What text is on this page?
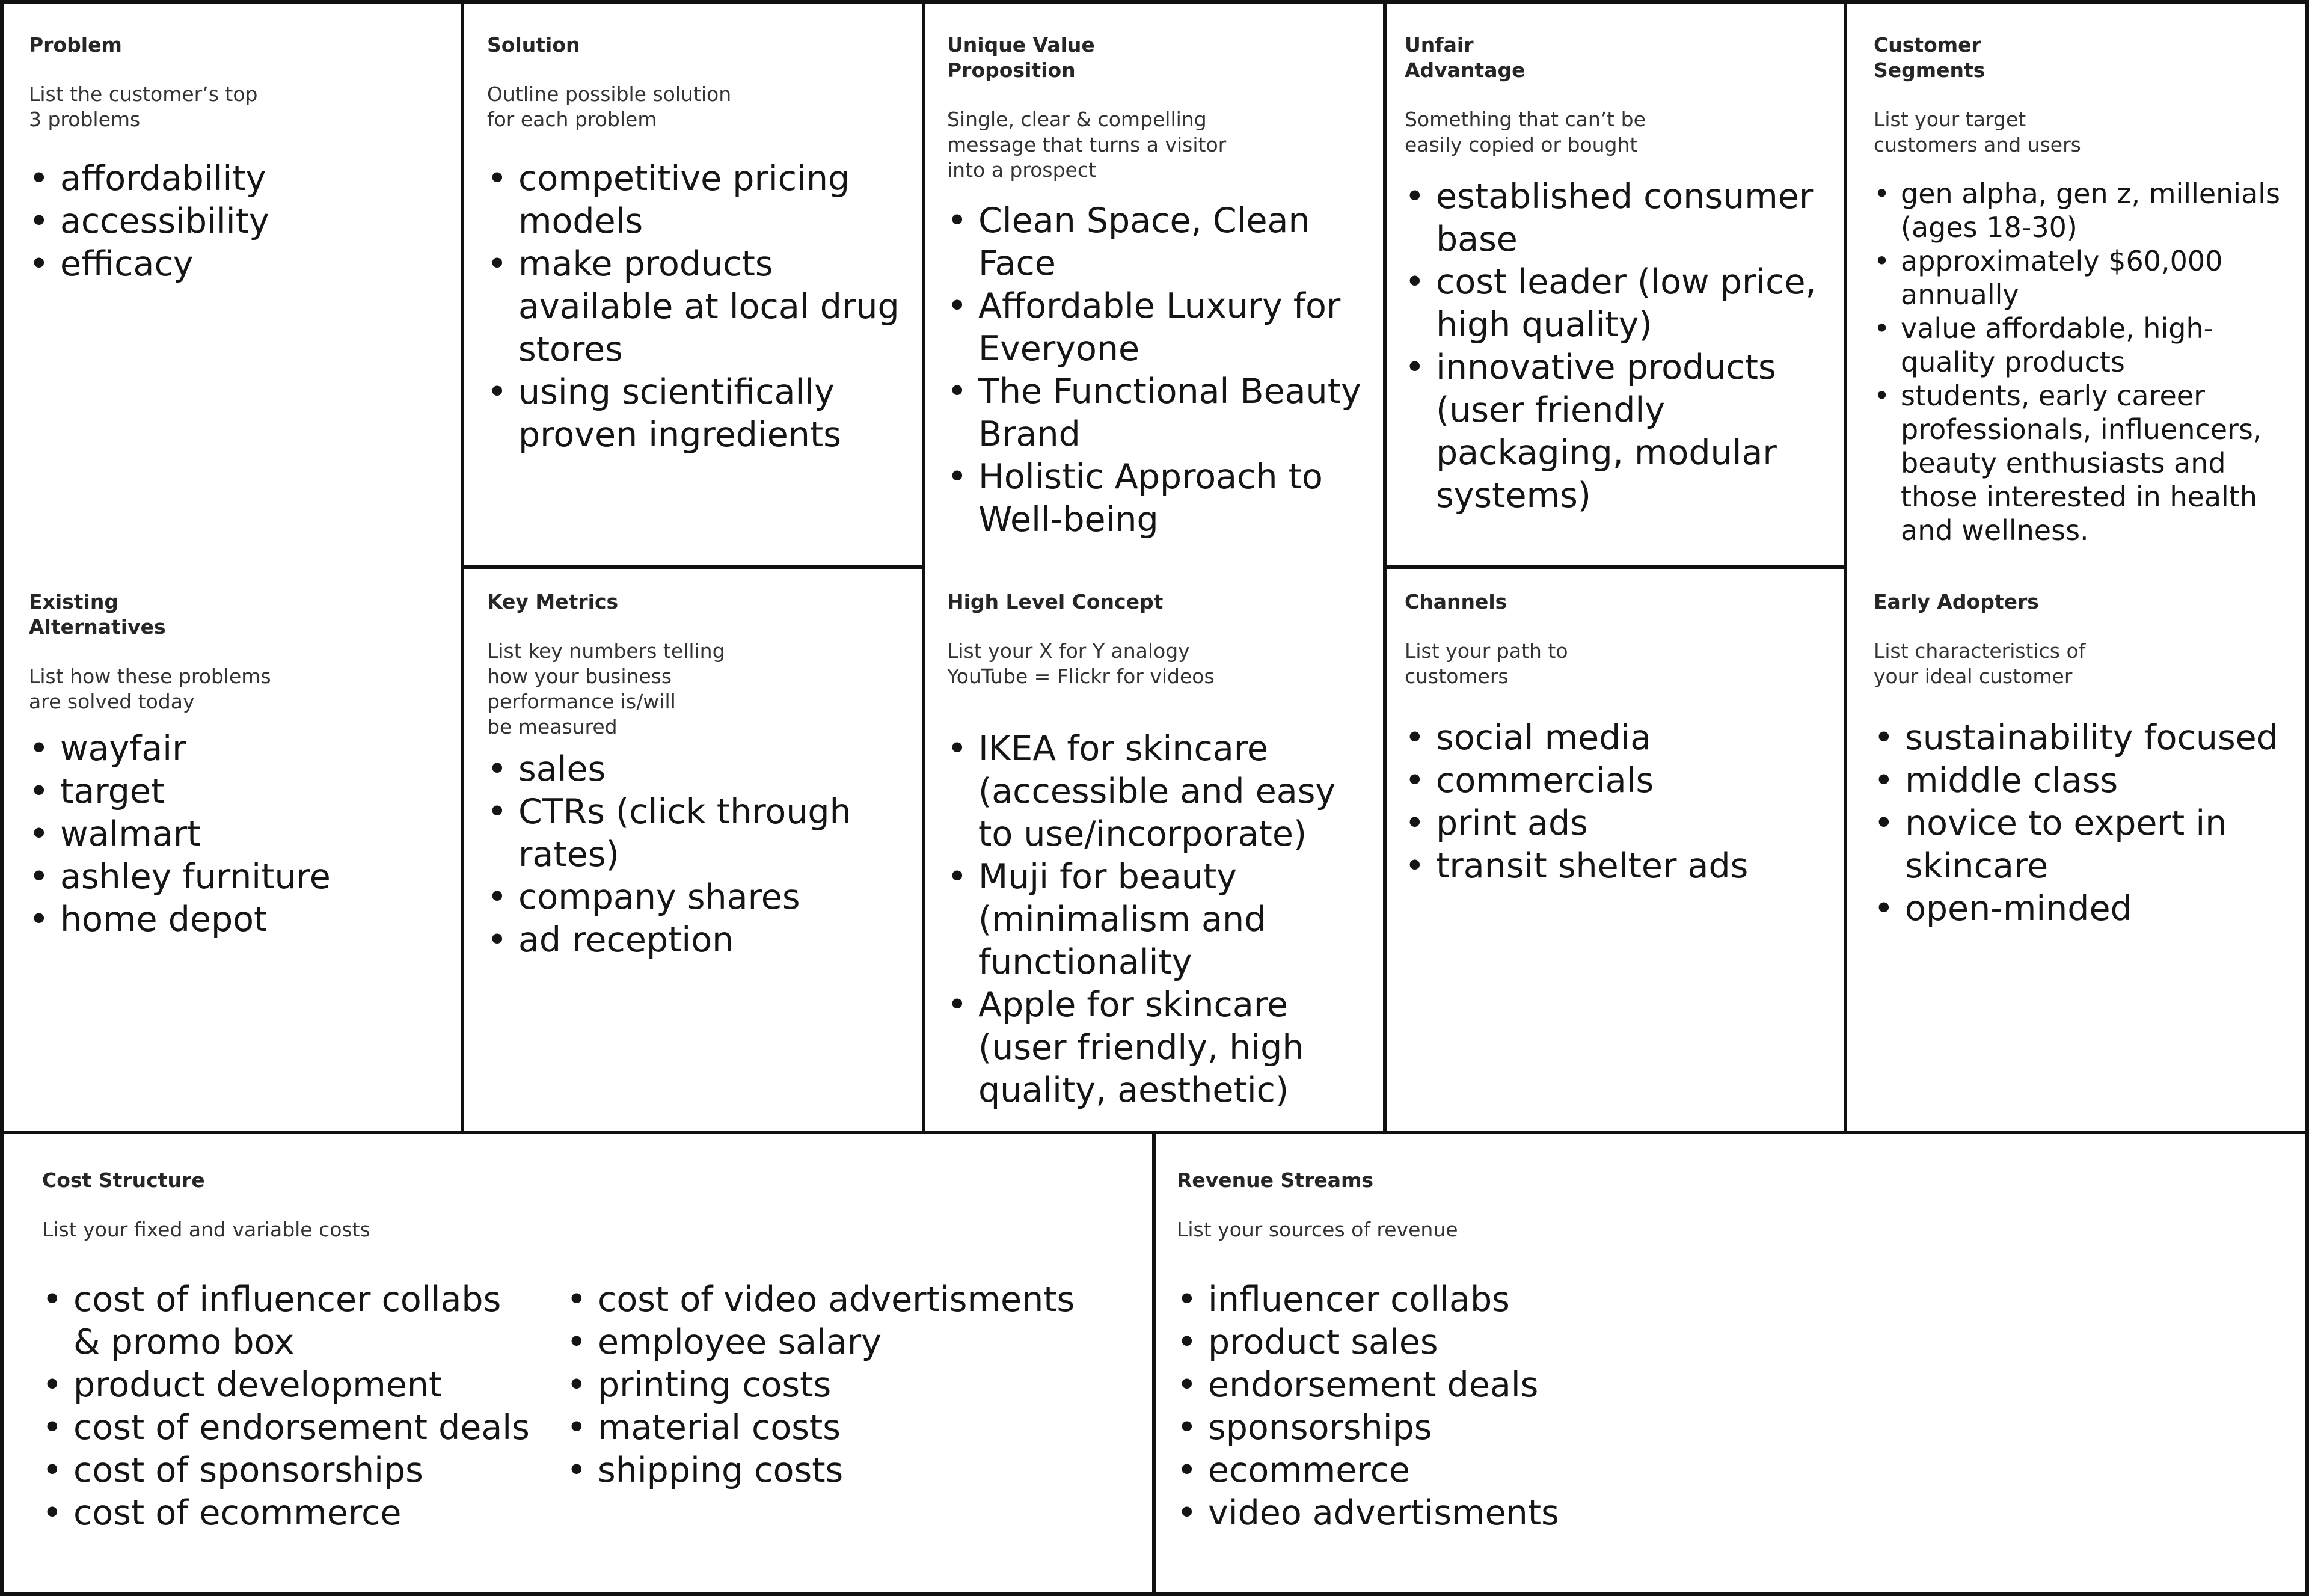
Problem

List the customer’s top
3 problems

• affordability
• accessibility
• efficacy

Existing
Alternatives

List how these problems
are solved today

• wayfair
• target
• walmart
• ashley furniture
• home depot

Solution

Outline possible solution
for each problem

• competitive pricing models
• make products available at local drug stores
• using scientifically proven ingredients

Key Metrics

List key numbers telling
how your business
performance is/will
be measured

• sales
• CTRs (click through rates)
• company shares
• ad reception

Unique Value
Proposition

Single, clear & compelling
message that turns a visitor
into a prospect

• Clean Space, Clean Face
• Affordable Luxury for Everyone
• The Functional Beauty Brand
• Holistic Approach to Well-being

High Level Concept

List your X for Y analogy
YouTube = Flickr for videos

• IKEA for skincare (accessible and easy to use/incorporate)
• Muji for beauty (minimalism and functionality
• Apple for skincare (user friendly, high quality, aesthetic)

Unfair
Advantage

Something that can’t be
easily copied or bought

• established consumer base
• cost leader (low price, high quality)
• innovative products (user friendly packaging, modular systems)

Channels

List your path to
customers

• social media
• commercials
• print ads
• transit shelter ads

Customer
Segments

List your target
customers and users

• gen alpha, gen z, millenials (ages 18-30)
• approximately $60,000 annually
• value affordable, high-quality products
• students, early career professionals, influencers, beauty enthusiasts and those interested in health and wellness.

Early Adopters

List characteristics of
your ideal customer

• sustainability focused
• middle class
• novice to expert in skincare
• open-minded

Cost Structure

List your fixed and variable costs

• cost of influencer collabs & promo box
• product development
• cost of endorsement deals
• cost of sponsorships
• cost of ecommerce
• cost of video advertisments
• employee salary
• printing costs
• material costs
• shipping costs

Revenue Streams

List your sources of revenue

• influencer collabs
• product sales
• endorsement deals
• sponsorships
• ecommerce
• video advertisments
